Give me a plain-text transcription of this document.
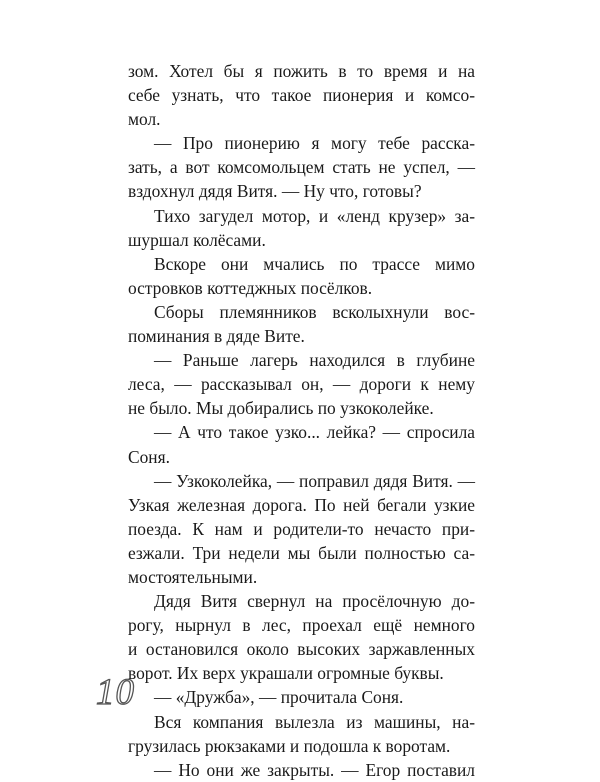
зом. Хотел бы я пожить в то время и на
себе узнать, что такое пионерия и комсо-
мол.
— Про пионерию я могу тебе расска-
зать, а вот комсомольцем стать не успел, —
вздохнул дядя Витя. — Ну что, готовы?
Тихо загудел мотор, и «ленд крузер» за-
шуршал колёсами.
Вскоре они мчались по трассе мимо
островков коттеджных посёлков.
Сборы племянников всколыхнули вос-
поминания в дяде Вите.
— Раньше лагерь находился в глубине
леса, — рассказывал он, — дороги к нему
не было. Мы добирались по узкоколейке.
— А что такое узко... лейка? — спросила
Соня.
— Узкоколейка, — поправил дядя Витя. —
Узкая железная дорога. По ней бегали узкие
поезда. К нам и родители-то нечасто при-
езжали. Три недели мы были полностью са-
мостоятельными.
Дядя Витя свернул на просёлочную до-
рогу, нырнул в лес, проехал ещё немного
и остановился около высоких заржавленных
ворот. Их верх украшали огромные буквы.
— «Дружба», — прочитала Соня.
Вся компания вылезла из машины, на-
грузилась рюкзаками и подошла к воротам.
— Но они же закрыты. — Егор поставил
10
